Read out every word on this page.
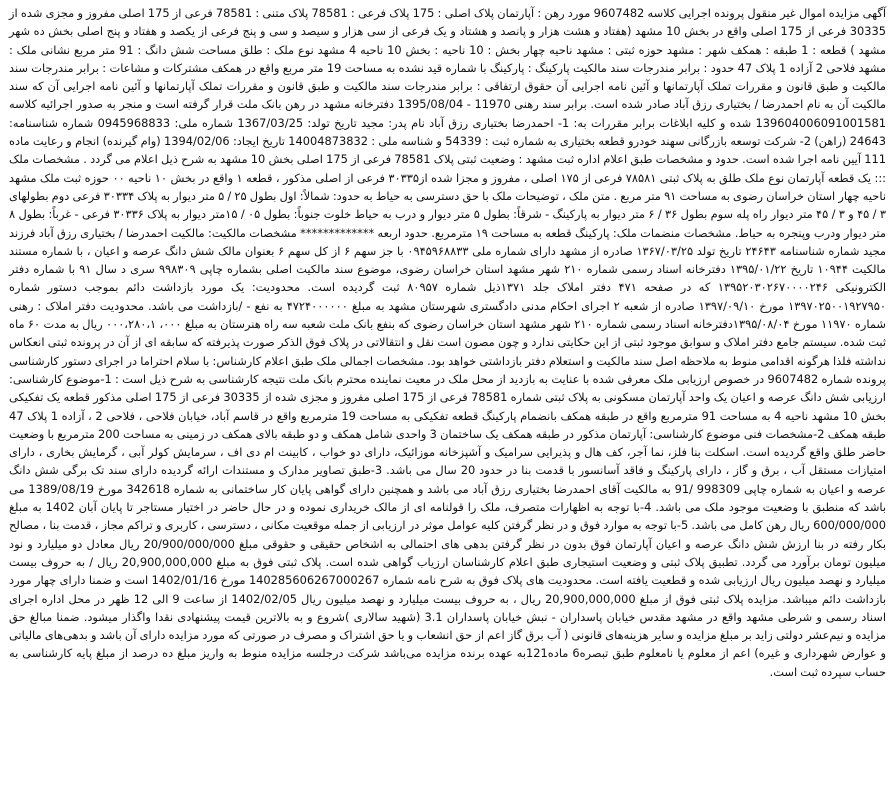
آگهی مزایده اموال غیر منقول پرونده اجرایی کلاسه 9607482 مورد رهن : آپارتمان پلاک اصلی : 175 پلاک فرعی : 78581 پلاک متنی : 78581 فرعی از 175 اصلی مفروز و مجزی شده از 30335 فرعی از 175 اصلی واقع در بخش 10 مشهد (هفتاد و هشت هزار و پانصد و هشتاد و یک فرعی از سی هزار و سیصد و سی و پنج فرعی از یکصد و هفتاد و پنج اصلی بخش ده شهر مشهد ) قطعه : 1 طبقه : همکف شهر : مشهد حوزه ثبتی : مشهد ناحیه چهار بخش : 10 ناحیه : بخش 10 ناحیه 4 مشهد نوع ملک : طلق مساحت شش دانگ : 91 متر مربع نشانی ملک : مشهد فلاحی 2 آزاده 1 پلاک 47 حدود : برابر مندرجات سند مالکیت پارکینگ : پارکینگ با شماره قید نشده به مساحت 19 متر مربع واقع در همکف مشترکات و مشاعات : برابر مندرجات سند مالکیت و طبق قانون و مقررات تملک آپارتمانها و آئین نامه اجرایی آن حقوق ارتفاقی : برابر مندرجات سند مالکیت و طبق قانون و مقررات تملک آپارتمانها و آئین نامه اجرایی آن که سند مالکیت آن به نام احمدرضا / بختیاری رزق آباد صادر شده است. برابر سند رهنی 11970 - 1395/08/04 دفترخانه مشهد در رهن بانک ملت قرار گرفته است و منجر به صدور اجرائیه کلاسه 139604006091001581 شده و کلیه ابلاغات برابر مقررات به: 1- احمدرضا بختیاری رزق آباد نام پدر: مجید تاریخ تولد: 1367/03/25 شماره ملی: 0945968833 شماره شناسنامه: 24643 (راهن) 2- شرکت توسعه بازرگانی سهند خودرو قطعه بختیاری به شماره ثبت : 54339 و شناسه ملی : 14004873832 تاریخ ایجاد: 1394/02/06 (وام گیرنده) انجام و رعایت ماده 111 آیین نامه اجرا شده است. حدود و مشخصات طبق اعلام اداره ثبت مشهد : وضعیت ثبتی پلاک 78581 فرعی از 175 اصلی بخش 10 مشهد به شرح ذیل اعلام می گردد . مشخصات ملک ::: یک قطعه آپارتمان نوع ملک طلق به پلاک ثبتی ۷۸۵۸۱ فرعی از ۱۷۵ اصلی ، مفروز و مجزا شده از۳۰۳۳۵ فرعی از اصلی مذکور ، قطعه ۱ واقع در بخش ۱۰ ناحیه ۰۰ حوزه ثبت ملک مشهد ناحیه چهار استان خراسان رضوی به مساحت ۹۱ متر مربع . متن ملک ، توضیحات ملک با حق دسترسی به حیاط به حدود: شمالاً: اول بطول ۲۵ / ۵ متر دیوار به پلاک ۳۰۳۳۴ فرعی دوم بطولهای ۳ / ۴۵ و ۳ / ۴۵ متر دیوار راه پله سوم بطول ۳۶ / ۶ متر دیوار به پارکینگ - شرقاً: بطول ۵ متر دیوار و درب به حیاط خلوت جنوباً: بطول ۰۵ / ۱۵متر دیوار به پلاک ۳۰۳۳۶ فرعی - غرباً: بطول ۸ متر دیوار ودرب وپنجره به حیاط. مشخصات منضمات ملک: پارکینگ قطعه به مساحت ۱۹ مترمربع. حدود اربعه ************* مشخصات مالکیت: مالکیت احمدرضا / بختیاری رزق آباد فرزند مجید شماره شناسنامه ۲۴۶۴۳ تاریخ تولد ۱۳۶۷/۰۳/۲۵ صادره از مشهد دارای شماره ملی ۰۹۴۵۹۶۸۸۳۳ با جز سهم ۶ از کل سهم ۶ بعنوان مالک شش دانگ عرصه و اعیان ، با شماره مستند مالکیت ۱۰۹۴۴ تاریخ ۱۳۹۵/۰۱/۲۲ دفترخانه اسناد رسمی شماره ۲۱۰ شهر مشهد استان خراسان رضوی، موضوع سند مالکیت اصلی بشماره چاپی ۹۹۸۳۰۹ سری د سال ۹۱ با شماره دفتر الکترونیکی ۱۳۹۵۲۰۳۰۲۶۷۰۰۰۰۲۴۶ که در صفحه ۴۷۱ دفتر املاک جلد ۱۳۷۱ذیل شماره ۸۰۹۵۷ ثبت گردیده است. محدودیت: یک مورد بازداشت دائم بموجب دستور شماره ۱۳۹۷۰۲۵۰۰۱۹۲۷۹۵۰ مورخ ۱۳۹۷/۰۹/۱۰ صادره از شعبه ۲ اجرای احکام مدنی دادگستری شهرستان مشهد به مبلغ ۴۷۲۴۰۰۰۰۰۰ به نفع - /بازداشت می باشد. محدودیت دفتر املاک : رهنی شماره ۱۱۹۷۰ مورخ ۱۳۹۵/۰۸/۰۴دفترخانه اسناد رسمی شماره ۲۱۰ شهر مشهد استان خراسان رضوی که بنفع بانک ملت شعبه سه راه هنرستان به مبلغ ۰۰۰، ۰۰۰،۲۸۰،۱ ریال به مدت ۶۰ ماه ثبت شده. سیستم جامع دفتر املاک و سوابق موجود ثبتی از این حکایتی ندارد و چون مصون است نقل و انتقالاتی در پلاک فوق الذکر صورت پذیرفته که سابقه ای از آن در پرونده ثبتی انعکاس نداشته فلذا هرگونه اقدامی منوط به ملاحظه اصل سند مالکیت و استعلام دفتر بازداشتی خواهد بود. مشخصات اجمالی ملک طبق اعلام کارشناس: با سلام احتراما در اجرای دستور کارشناسی پرونده شماره 9607482 در خصوص ارزیابی ملک معرفی شده با عنایت به بازدید از محل ملک در معیت نماینده محترم بانک ملت نتیجه کارشناسی به شرح ذیل است : 1-موضوع کارشناسی: ارزیابی شش دانگ عرصه و اعیان یک واحد آپارتمان مسکونی به پلاک ثبتی شماره 78581 فرعی از 175 اصلی مفروز و مجزی شده از 30335 فرعی از 175 اصلی مذکور قطعه یک تفکیکی بخش 10 مشهد ناحیه 4 به مساحت 91 مترمربع واقع در طبقه همکف بانضمام پارکینگ قطعه تفکیکی به مساحت 19 مترمربع واقع در قاسم آباد، خیابان فلاحی ، فلاحی 2 ، آزاده 1 پلاک 47 طبقه همکف 2-مشخصات فنی موضوع کارشناسی: آپارتمان مذکور در طبقه همکف یک ساختمان 3 واحدی شامل همکف و دو طبقه بالای همکف در زمینی به مساحت 200 مترمربع با وضعیت حاضر طلق واقع گردیده است. اسکلت بنا فلز، نما آجر، کف هال و پذیرایی سرامیک و آشپزخانه موزائیک، دارای دو خواب ، کابینت ام دی اف ، سرمایش کولر آبی ، گرمایش بخاری ، دارای امتیازات مستقل آب ، برق و گاز ، دارای پارکینگ و فاقد آسانسور با قدمت بنا در حدود 20 سال می باشد. 3-طبق تصاویر مدارک و مستندات ارائه گردیده دارای سند تک برگی شش دانگ عرصه و اعیان به شماره چاپی 998309 /91 به مالکیت آقای احمدرضا بختیاری رزق آباد می باشد و همچنین دارای گواهی پایان کار ساختمانی به شماره 342618 مورخ 1389/08/19 می باشد که منطبق با وضعیت موجود ملک می باشد. 4-با توجه به اظهارات متصرف، ملک را قولنامه ای از مالک خریداری نموده و در حال حاضر در اختیار مستاجر تا پایان آبان 1402 به مبلغ 600/000/000 ریال رهن کامل می باشد. 5-با توجه به موارد فوق و در نظر گرفتن کلیه عوامل موثر در ارزیابی از جمله موقعیت مکانی ، دسترسی ، کاربری و تراکم مجاز ، قدمت بنا ، مصالح بکار رفته در بنا ارزش شش دانگ عرصه و اعیان آپارتمان فوق بدون در نظر گرفتن بدهی های احتمالی به اشخاص حقیقی و حقوقی مبلغ 20/900/000/000 ریال معادل دو میلیارد و نود میلیون تومان برآورد می گردد. تطبیق پلاک ثبتی و وضعیت استیجاری طبق اعلام کارشناسان ارزیاب گواهی شده است. پلاک ثبتی فوق به مبلغ 20,900,000,000 ریال / به حروف بیست میلیارد و نهصد میلیون ریال ارزیابی شده و قطعیت یافته است. محدودیت های پلاک فوق به شرح نامه شماره 140285606267000267 مورخ 1402/01/16 است و ضمنا دارای چهار مورد بازداشت دائم میباشد. مزایده پلاک ثبتی فوق از مبلغ 20,900,000,000 ریال ، به حروف بیست میلیارد و نهصد میلیون ریال 1402/02/05 از ساعت 9 الی 12 ظهر در محل اداره اجرای اسناد رسمی و شرطی مشهد واقع در مشهد مقدس خیابان پاسداران - نبش خیابان پاسداران 3.1 (شهید سالاری )شروع و به بالاترین قیمت پیشنهادی نقدا واگذار میشود. ضمنا مبالغ حق مزایده و نیم‌عشر دولتی زاید بر مبلغ مزایده و سایر هزینه‌های قانونی ( آب برق گاز اعم از حق انشعاب و یا حق اشتراک و مصرف در صورتی که مورد مزایده دارای آن باشد و بدهی‌های مالیاتی و عوارض شهرداری و غیره) اعم از معلوم یا نامعلوم طبق تبصره6 ماده121به عهده برنده مزایده می‌باشد شرکت درجلسه مزایده منوط به واریز مبلغ ده درصد از مبلغ پایه کارشناسی به حساب سپرده ثبت است.
